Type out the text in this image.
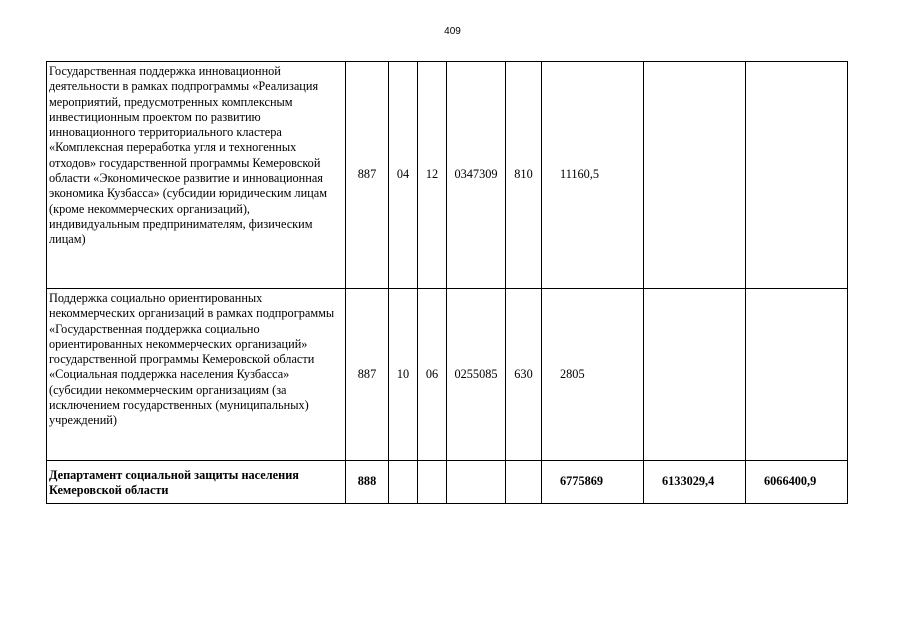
409
Государственная поддержка инновационной деятельности в рамках подпрограммы «Реализация мероприятий, предусмотренных комплексным инвестиционным проектом по развитию инновационного территориального кластера «Комплексная переработка угля и техногенных отходов» государственной программы Кемеровской области «Экономическое развитие и инновационная экономика Кузбасса» (субсидии юридическим лицам (кроме некоммерческих организаций), индивидуальным предпринимателям, физическим лицам)	887	04	12	0347309	810	11160,5		
Поддержка социально ориентированных некоммерческих организаций в рамках подпрограммы «Государственная поддержка социально ориентированных некоммерческих организаций» государственной программы Кемеровской области «Социальная поддержка населения Кузбасса» (субсидии некоммерческим организациям (за исключением государственных (муниципальных) учреждений)	887	10	06	0255085	630	2805		
Департамент социальной защиты населения Кемеровской области	888					6775869	6133029,4	6066400,9
